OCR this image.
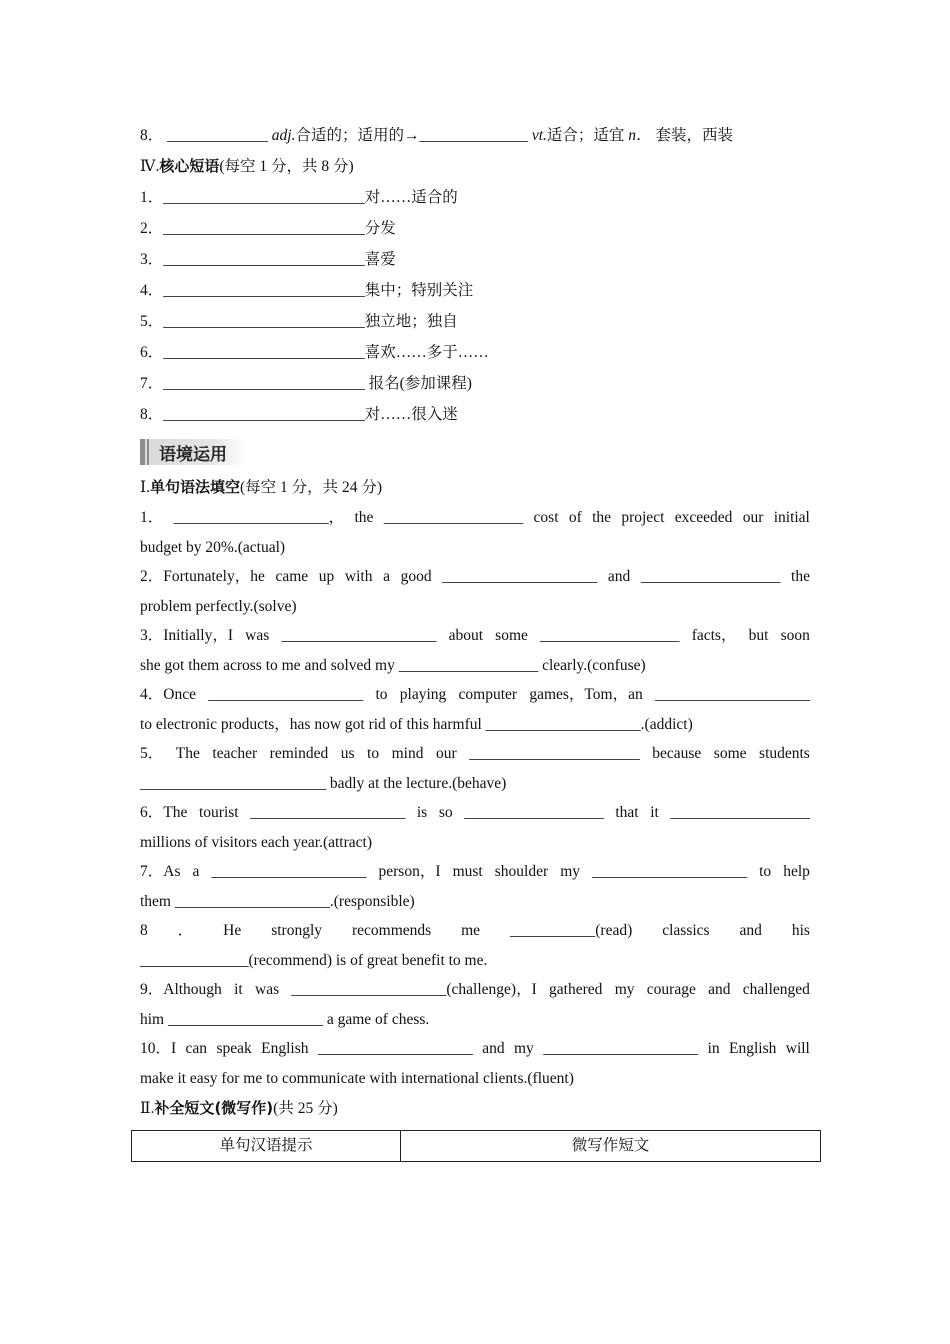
8． _____________ adj.合适的；适用的→______________ vt.适合；适宜 n． 套装，西装
Ⅳ.核心短语(每空 1 分，共 8 分)
1．__________________________对……适合的
2．__________________________分发
3．__________________________喜爱
4．__________________________集中；特别关注
5．__________________________独立地；独自
6．__________________________喜欢……多于……
7．__________________________ 报名(参加课程)
8．__________________________对……很入迷
语境运用
Ⅰ.单句语法填空(每空 1 分，共 24 分)
1． ____________________， the __________________ cost of the project exceeded our initial
budget by 20%.(actual)
2．Fortunately，he came up with a good ____________________ and __________________ the
problem perfectly.(solve)
3．Initially，I was ____________________ about some __________________ facts， but soon
she got them across to me and solved my __________________ clearly.(confuse)
4．Once ____________________ to playing computer games，Tom，an ____________________
to electronic products，has now got rid of this harmful ____________________.(addict)
5． The teacher reminded us to mind our ______________________ because some students
________________________ badly at the lecture.(behave)
6．The tourist ____________________ is so __________________ that it __________________
millions of visitors each year.(attract)
7．As a ____________________ person，I must shoulder my ____________________ to help
them ____________________.(responsible)
8 ． He strongly recommends me ___________(read) classics and his
______________(recommend) is of great benefit to me.
9．Although it was ____________________(challenge)，I gathered my courage and challenged
him ____________________ a game of chess.
10．I can speak English ____________________ and my ____________________ in English will
make it easy for me to communicate with international clients.(fluent)
Ⅱ.补全短文(微写作)(共 25 分)
单句汉语提示	微写作短文
